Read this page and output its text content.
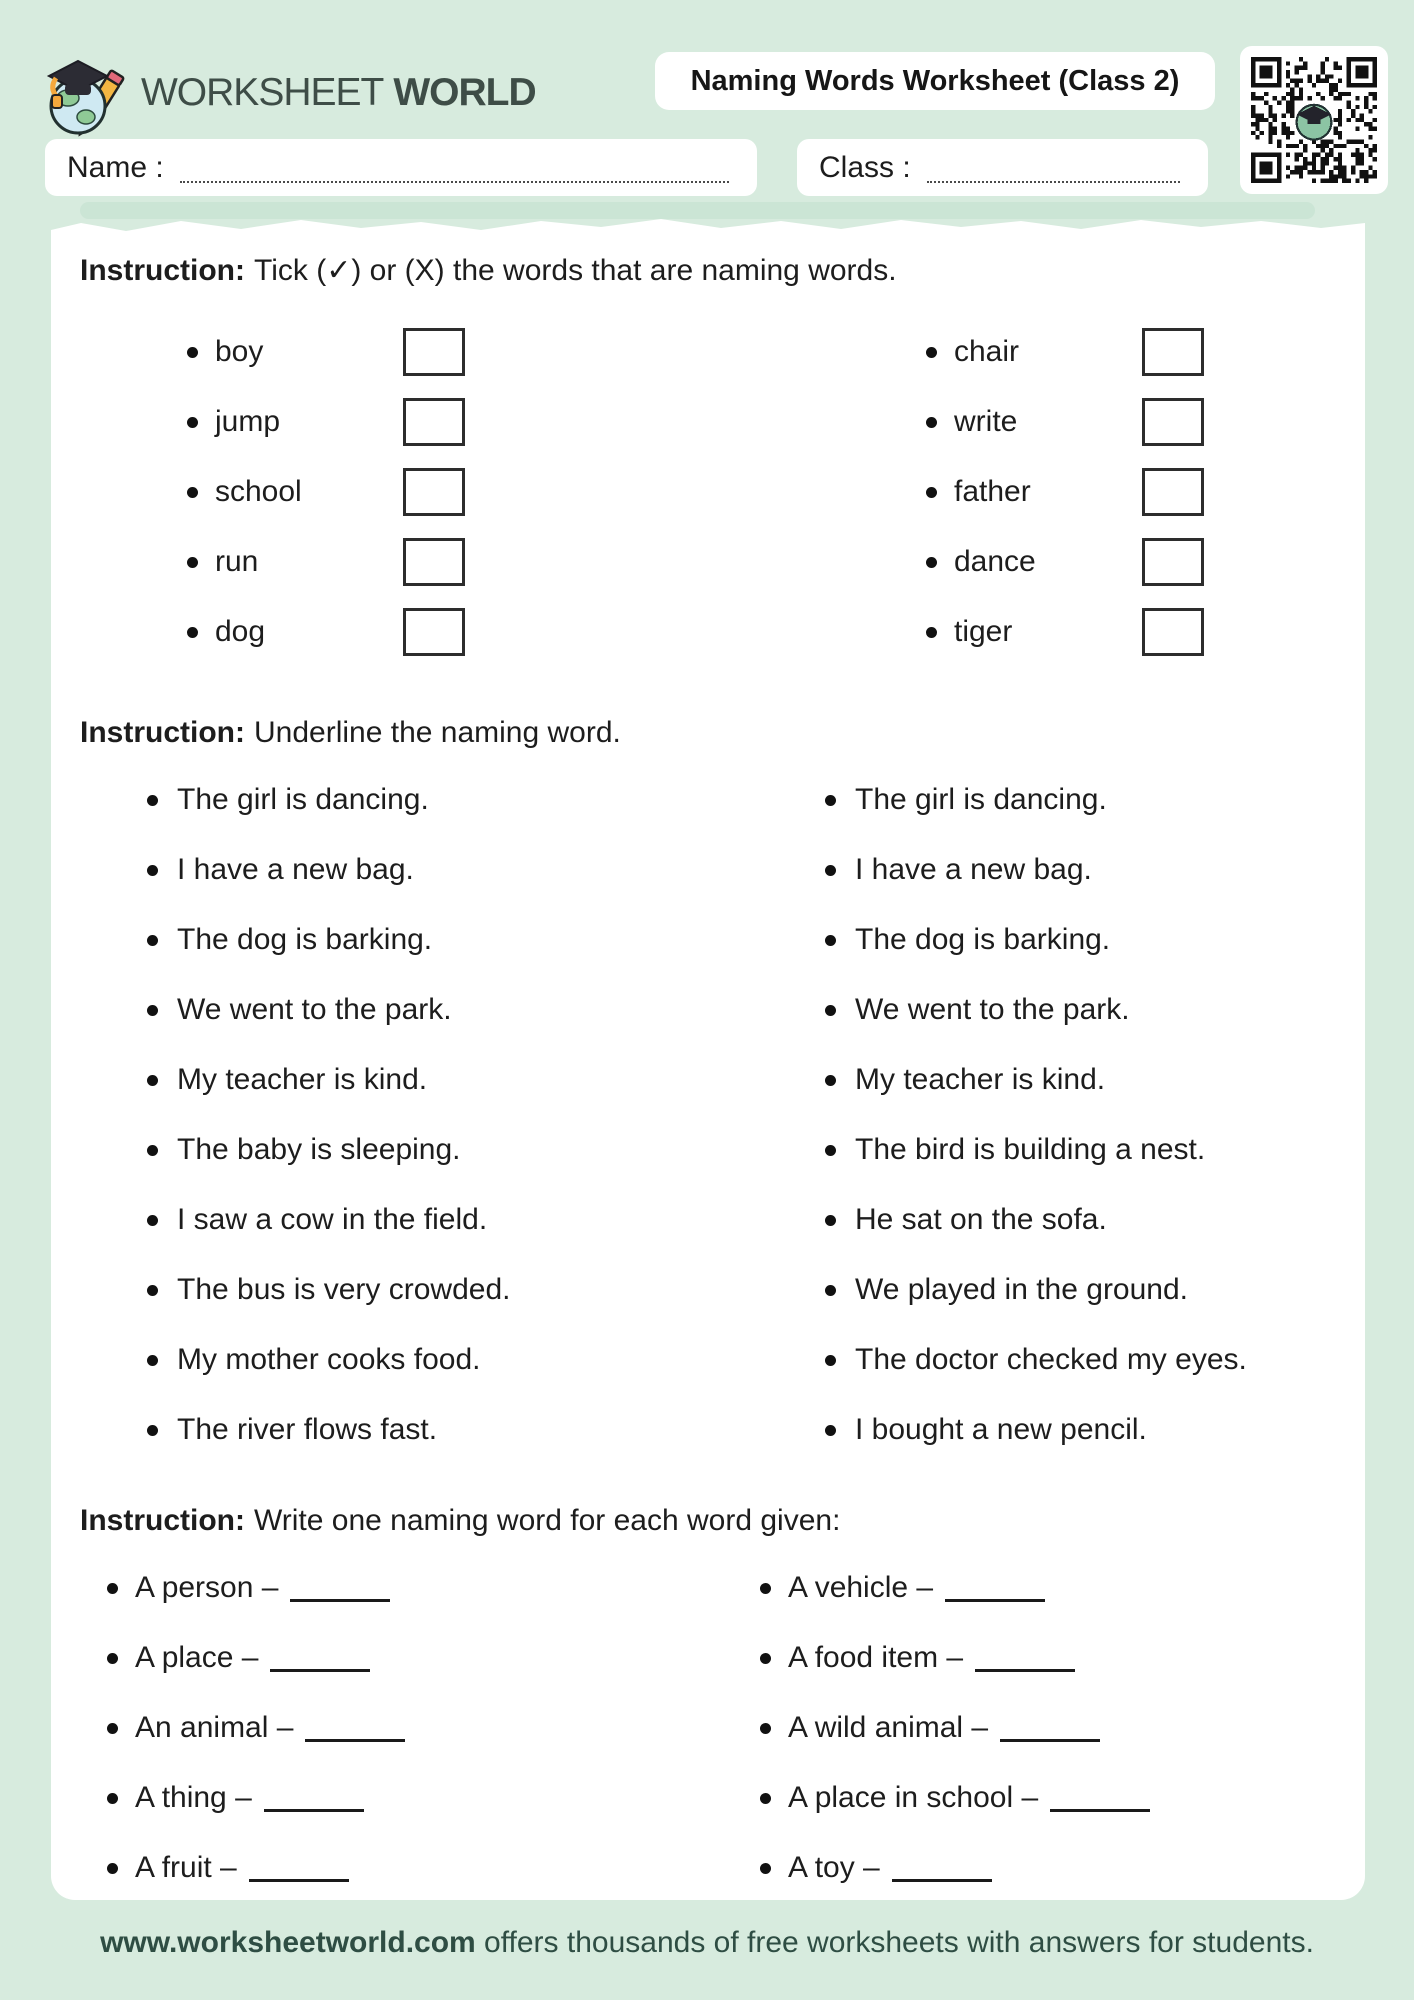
WORKSHEET WORLD	Naming Words Worksheet (Class 2)
Name :	Class :
Instruction: Tick (✓) or (X) the words that are naming words.
boy
jump
school
run
dog
chair
write
father
dance
tiger
Instruction: Underline the naming word.
The girl is dancing.
I have a new bag.
The dog is barking.
We went to the park.
My teacher is kind.
The baby is sleeping.
I saw a cow in the field.
The bus is very crowded.
My mother cooks food.
The river flows fast.
The girl is dancing.
I have a new bag.
The dog is barking.
We went to the park.
My teacher is kind.
The bird is building a nest.
He sat on the sofa.
We played in the ground.
The doctor checked my eyes.
I bought a new pencil.
Instruction: Write one naming word for each word given:
A person –
A place –
An animal –
A thing –
A fruit –
A vehicle –
A food item –
A wild animal –
A place in school –
A toy –
www.worksheetworld.com offers thousands of free worksheets with answers for students.
